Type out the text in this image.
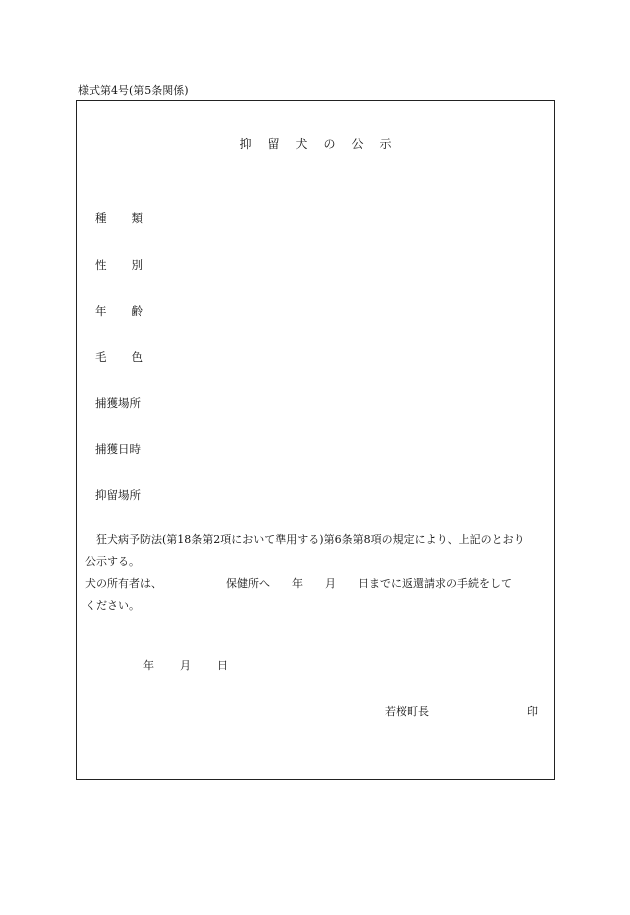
様式第4号(第5条関係)
抑留犬の公示
種 類
性 別
年 齢
毛 色
捕獲場所
捕獲日時
抑留場所
狂犬病予防法(第18条第2項において準用する)第6条第8項の規定により、上記のとおり
公示する。
犬の所有者は、	保健所へ 年 月 日までに返還請求の手続をして
ください。
年 月 日
若桜町長	印
